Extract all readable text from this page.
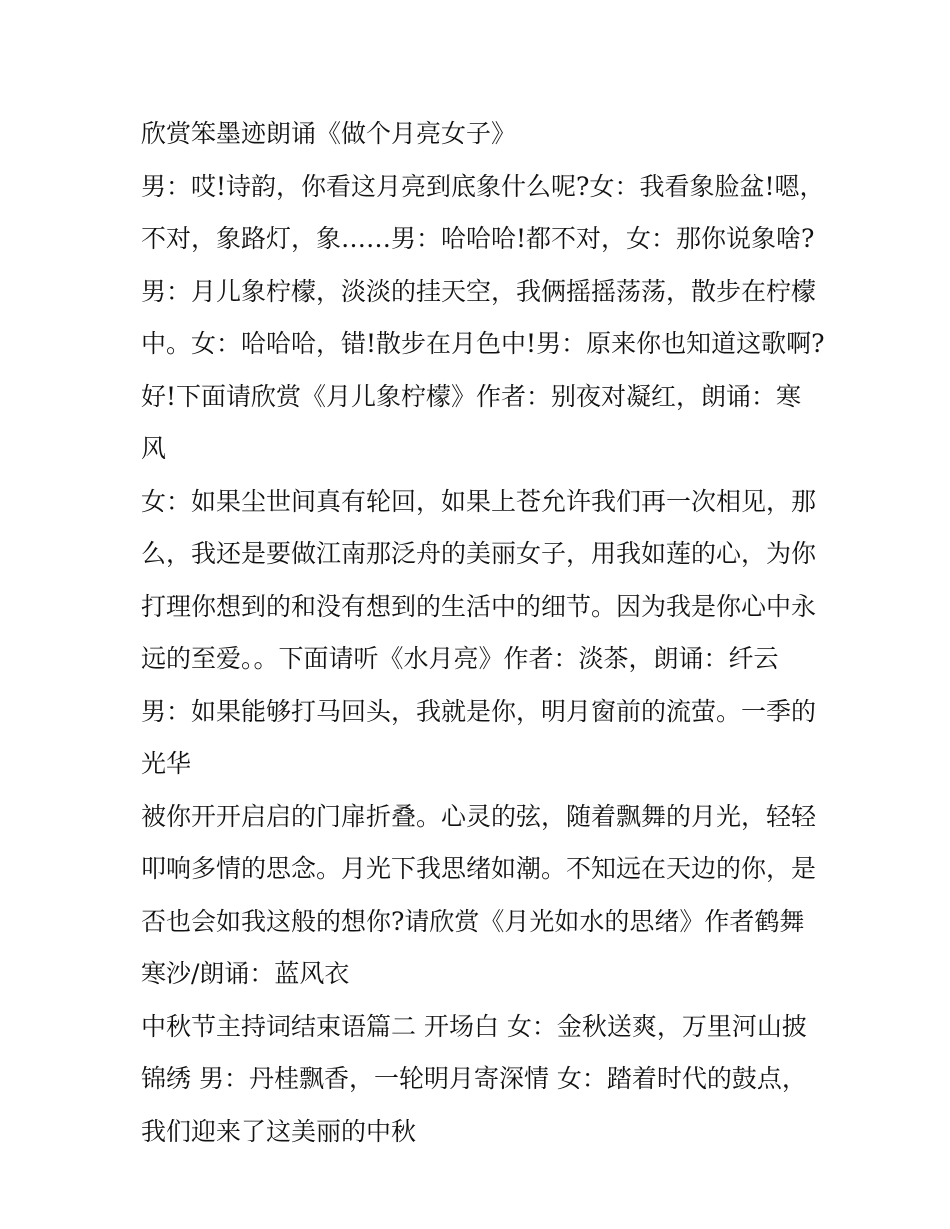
欣赏笨墨迹朗诵《做个月亮女子》
男：哎!诗韵，你看这月亮到底象什么呢?女：我看象脸盆!嗯，
不对，象路灯，象……男：哈哈哈!都不对，女：那你说象啥?
男：月儿象柠檬，淡淡的挂天空，我俩摇摇荡荡，散步在柠檬
中。女：哈哈哈，错!散步在月色中!男：原来你也知道这歌啊?
好!下面请欣赏《月儿象柠檬》作者：别夜对凝红，朗诵：寒
风
女：如果尘世间真有轮回，如果上苍允许我们再一次相见，那
么，我还是要做江南那泛舟的美丽女子，用我如莲的心，为你
打理你想到的和没有想到的生活中的细节。因为我是你心中永
远的至爱。。下面请听《水月亮》作者：淡茶，朗诵：纤云
男：如果能够打马回头，我就是你，明月窗前的流萤。一季的
光华
被你开开启启的门扉折叠。心灵的弦，随着飘舞的月光，轻轻
叩响多情的思念。月光下我思绪如潮。不知远在天边的你，是
否也会如我这般的想你?请欣赏《月光如水的思绪》作者鹤舞
寒沙/朗诵：蓝风衣
中秋节主持词结束语篇二 开场白 女：金秋送爽，万里河山披
锦绣 男：丹桂飘香，一轮明月寄深情 女：踏着时代的鼓点，
我们迎来了这美丽的中秋
